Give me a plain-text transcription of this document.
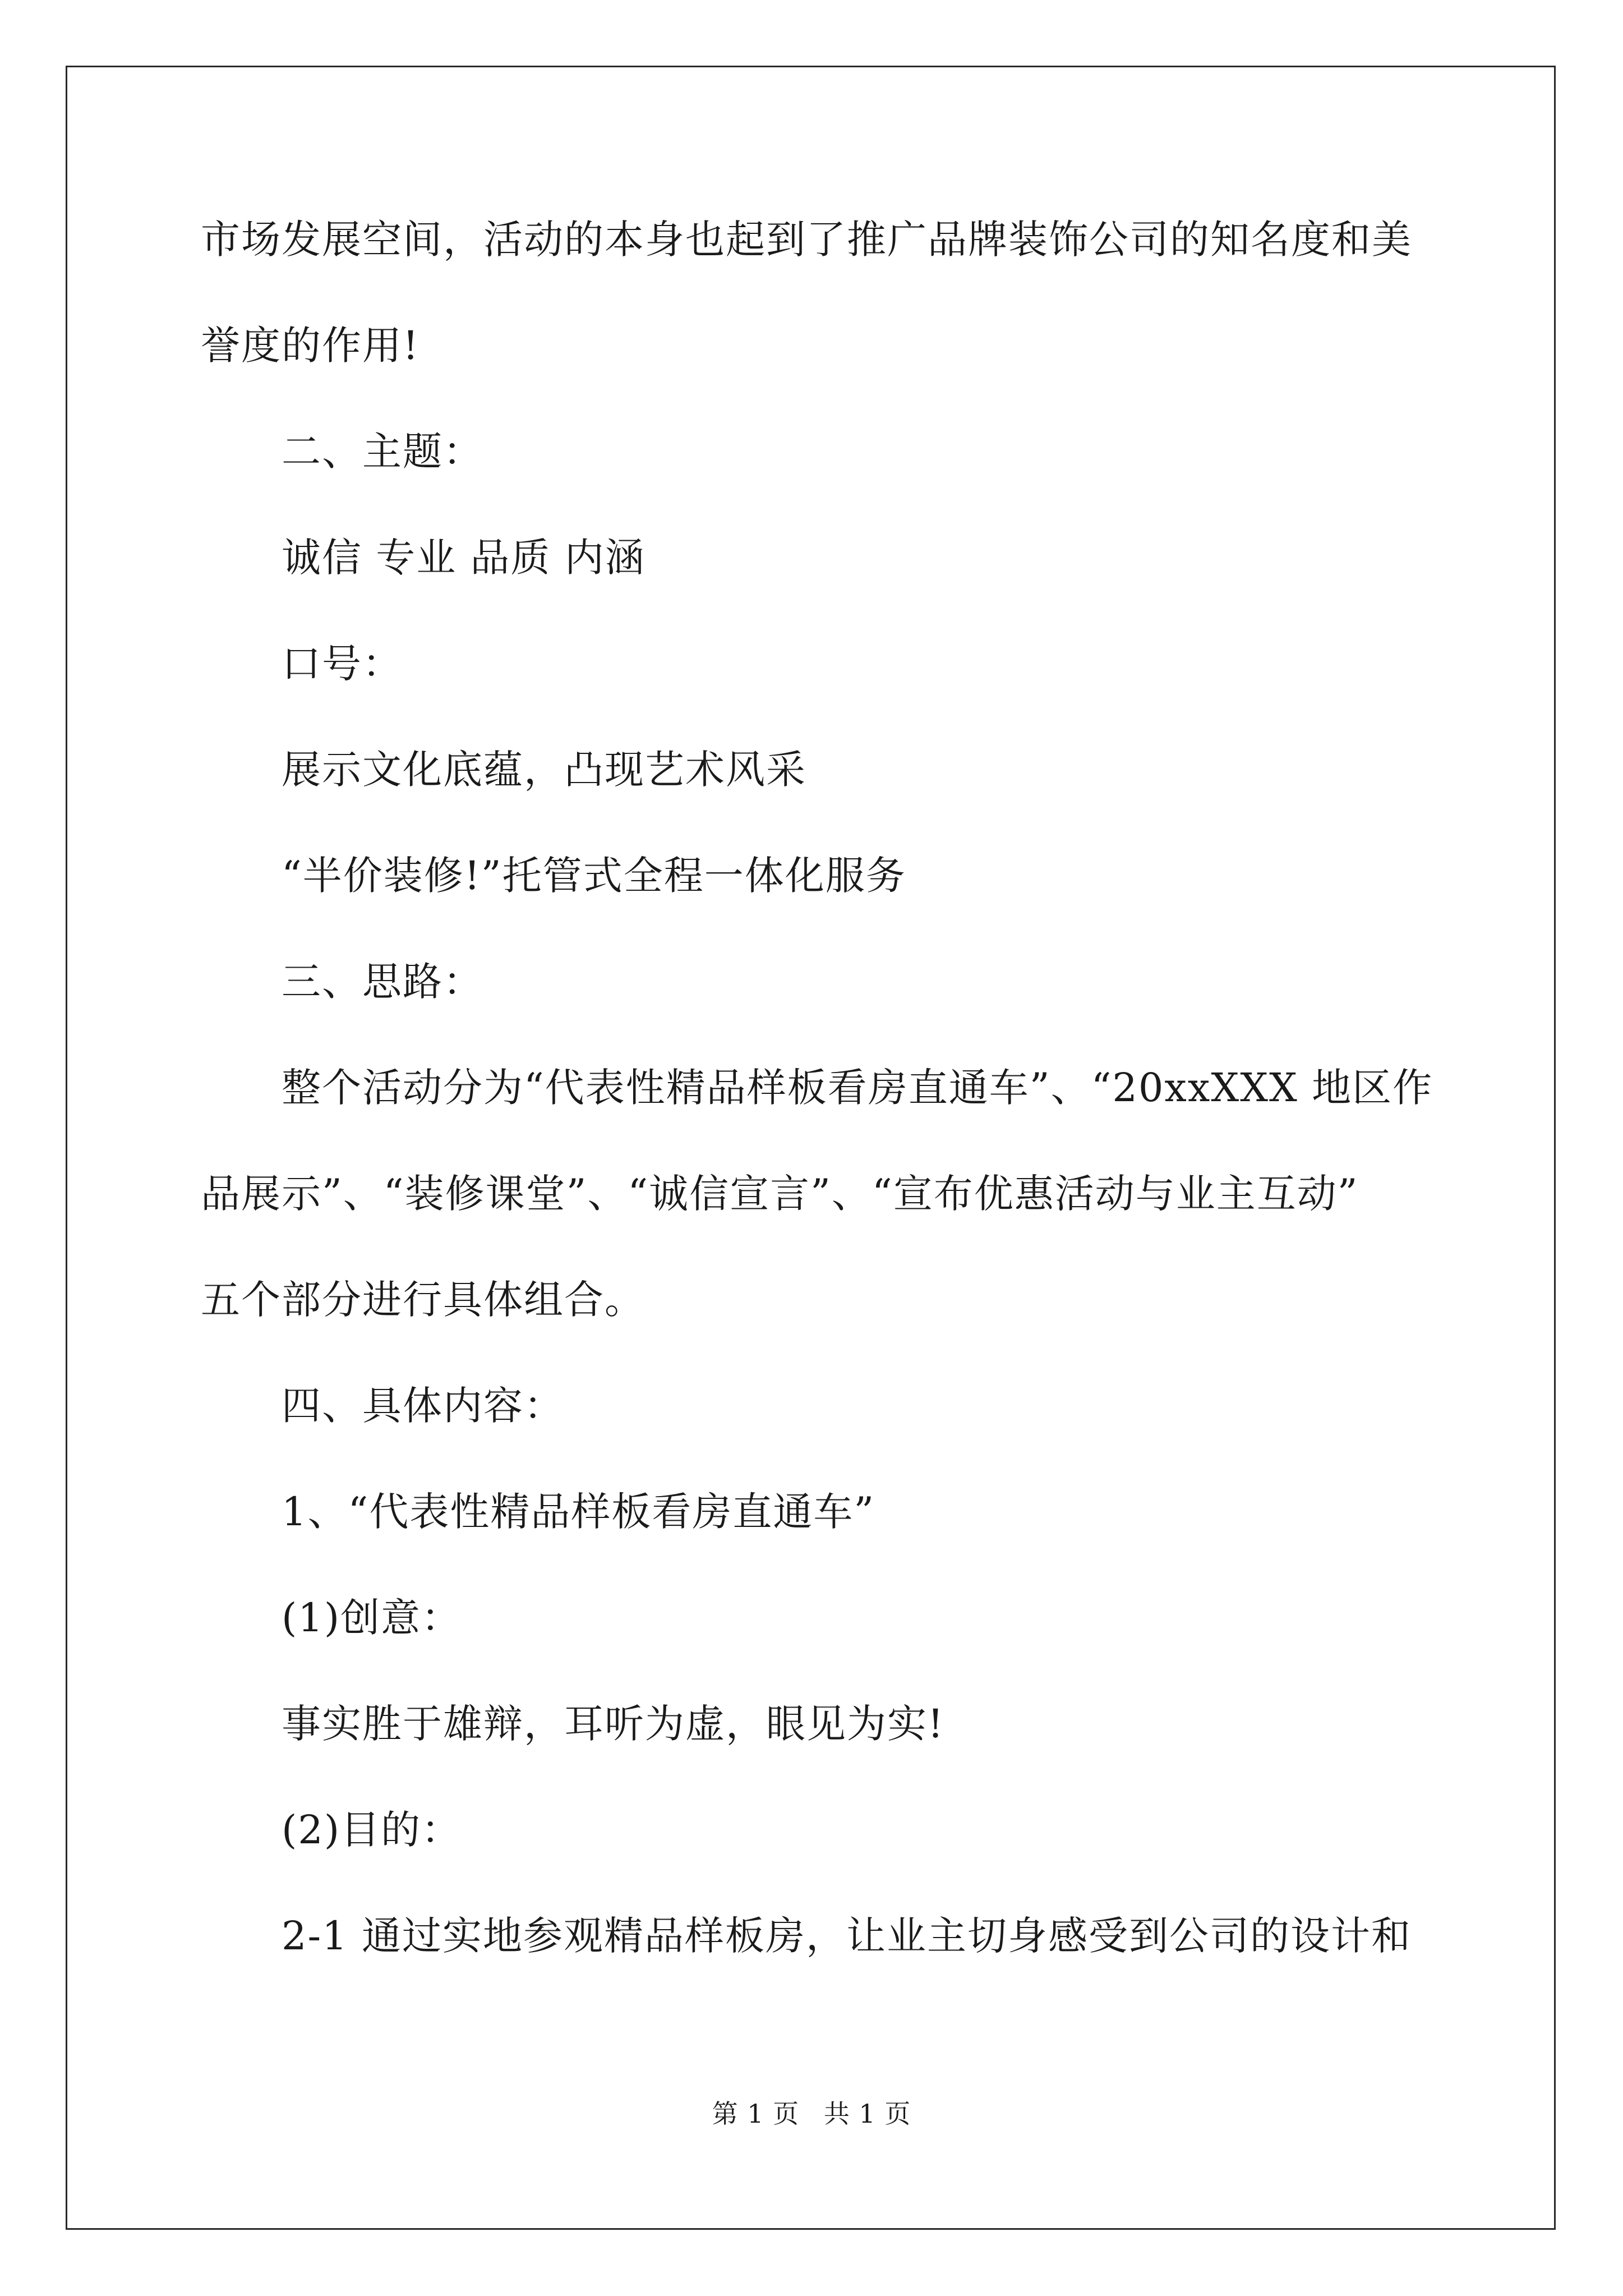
市场发展空间，活动的本身也起到了推广品牌装饰公司的知名度和美
誉度的作用!
二、主题：
诚信 专业 品质 内涵
口号：
展示文化底蕴，凸现艺术风采
“半价装修!”托管式全程一体化服务
三、思路：
整个活动分为“代表性精品样板看房直通车”、“20xxXXX 地区作
品展示”、“装修课堂”、“诚信宣言”、“宣布优惠活动与业主互动”
五个部分进行具体组合。
四、具体内容：
1、“代表性精品样板看房直通车”
(1)创意：
事实胜于雄辩，耳听为虚，眼见为实!
(2)目的：
2-1 通过实地参观精品样板房，让业主切身感受到公司的设计和
第 1 页 共 1 页
